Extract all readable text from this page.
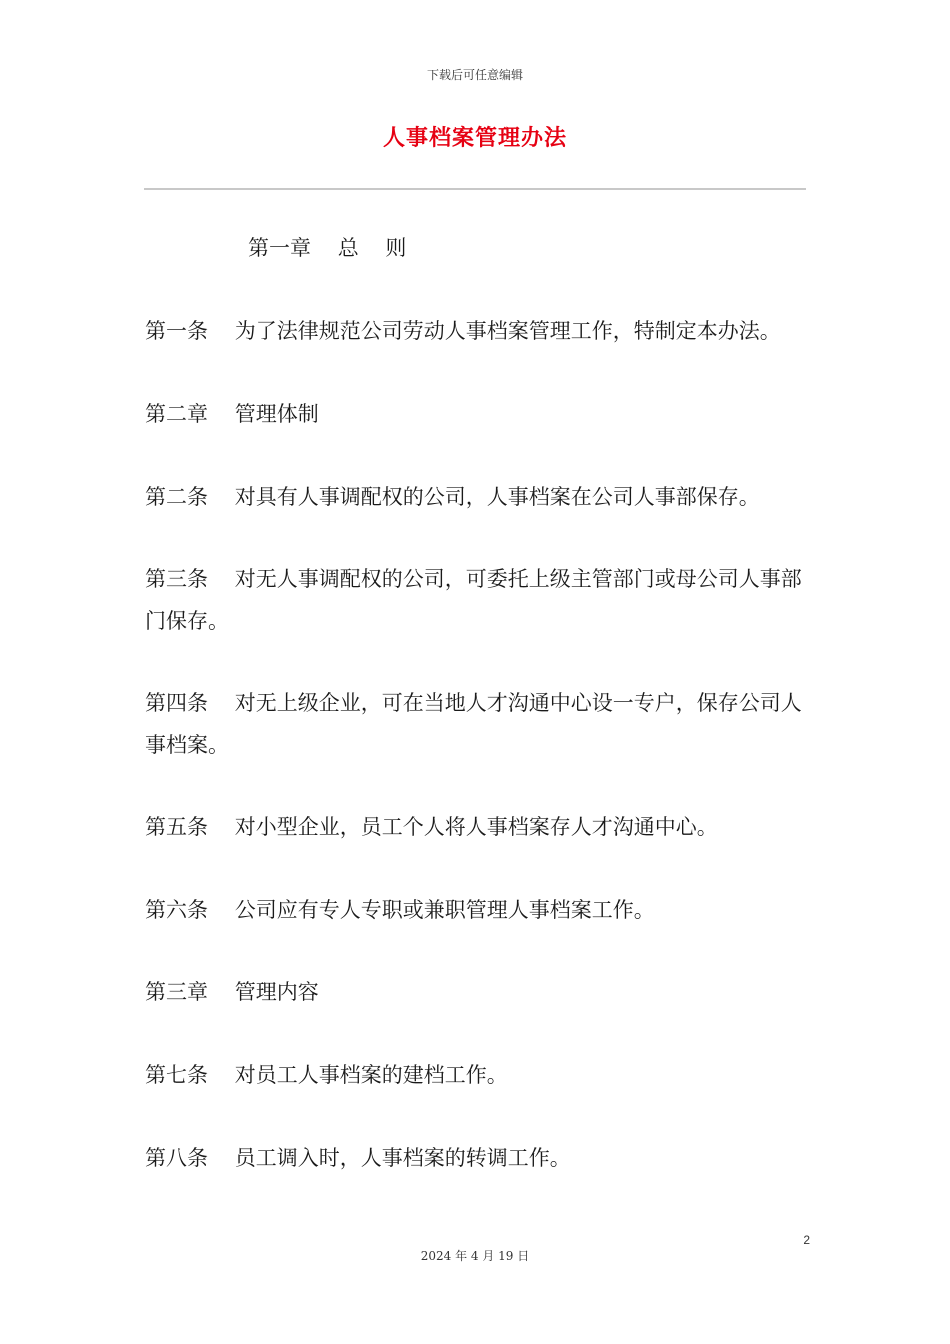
下载后可任意编辑
人事档案管理办法
第一章    总    则
第一条    为了法律规范公司劳动人事档案管理工作，特制定本办法。
第二章    管理体制
第二条    对具有人事调配权的公司，人事档案在公司人事部保存。
第三条    对无人事调配权的公司，可委托上级主管部门或母公司人事部门保存。
第四条    对无上级企业，可在当地人才沟通中心设一专户，保存公司人事档案。
第五条    对小型企业，员工个人将人事档案存人才沟通中心。
第六条    公司应有专人专职或兼职管理人事档案工作。
第三章    管理内容
第七条    对员工人事档案的建档工作。
第八条    员工调入时，人事档案的转调工作。
2
2024 年 4 月 19 日
